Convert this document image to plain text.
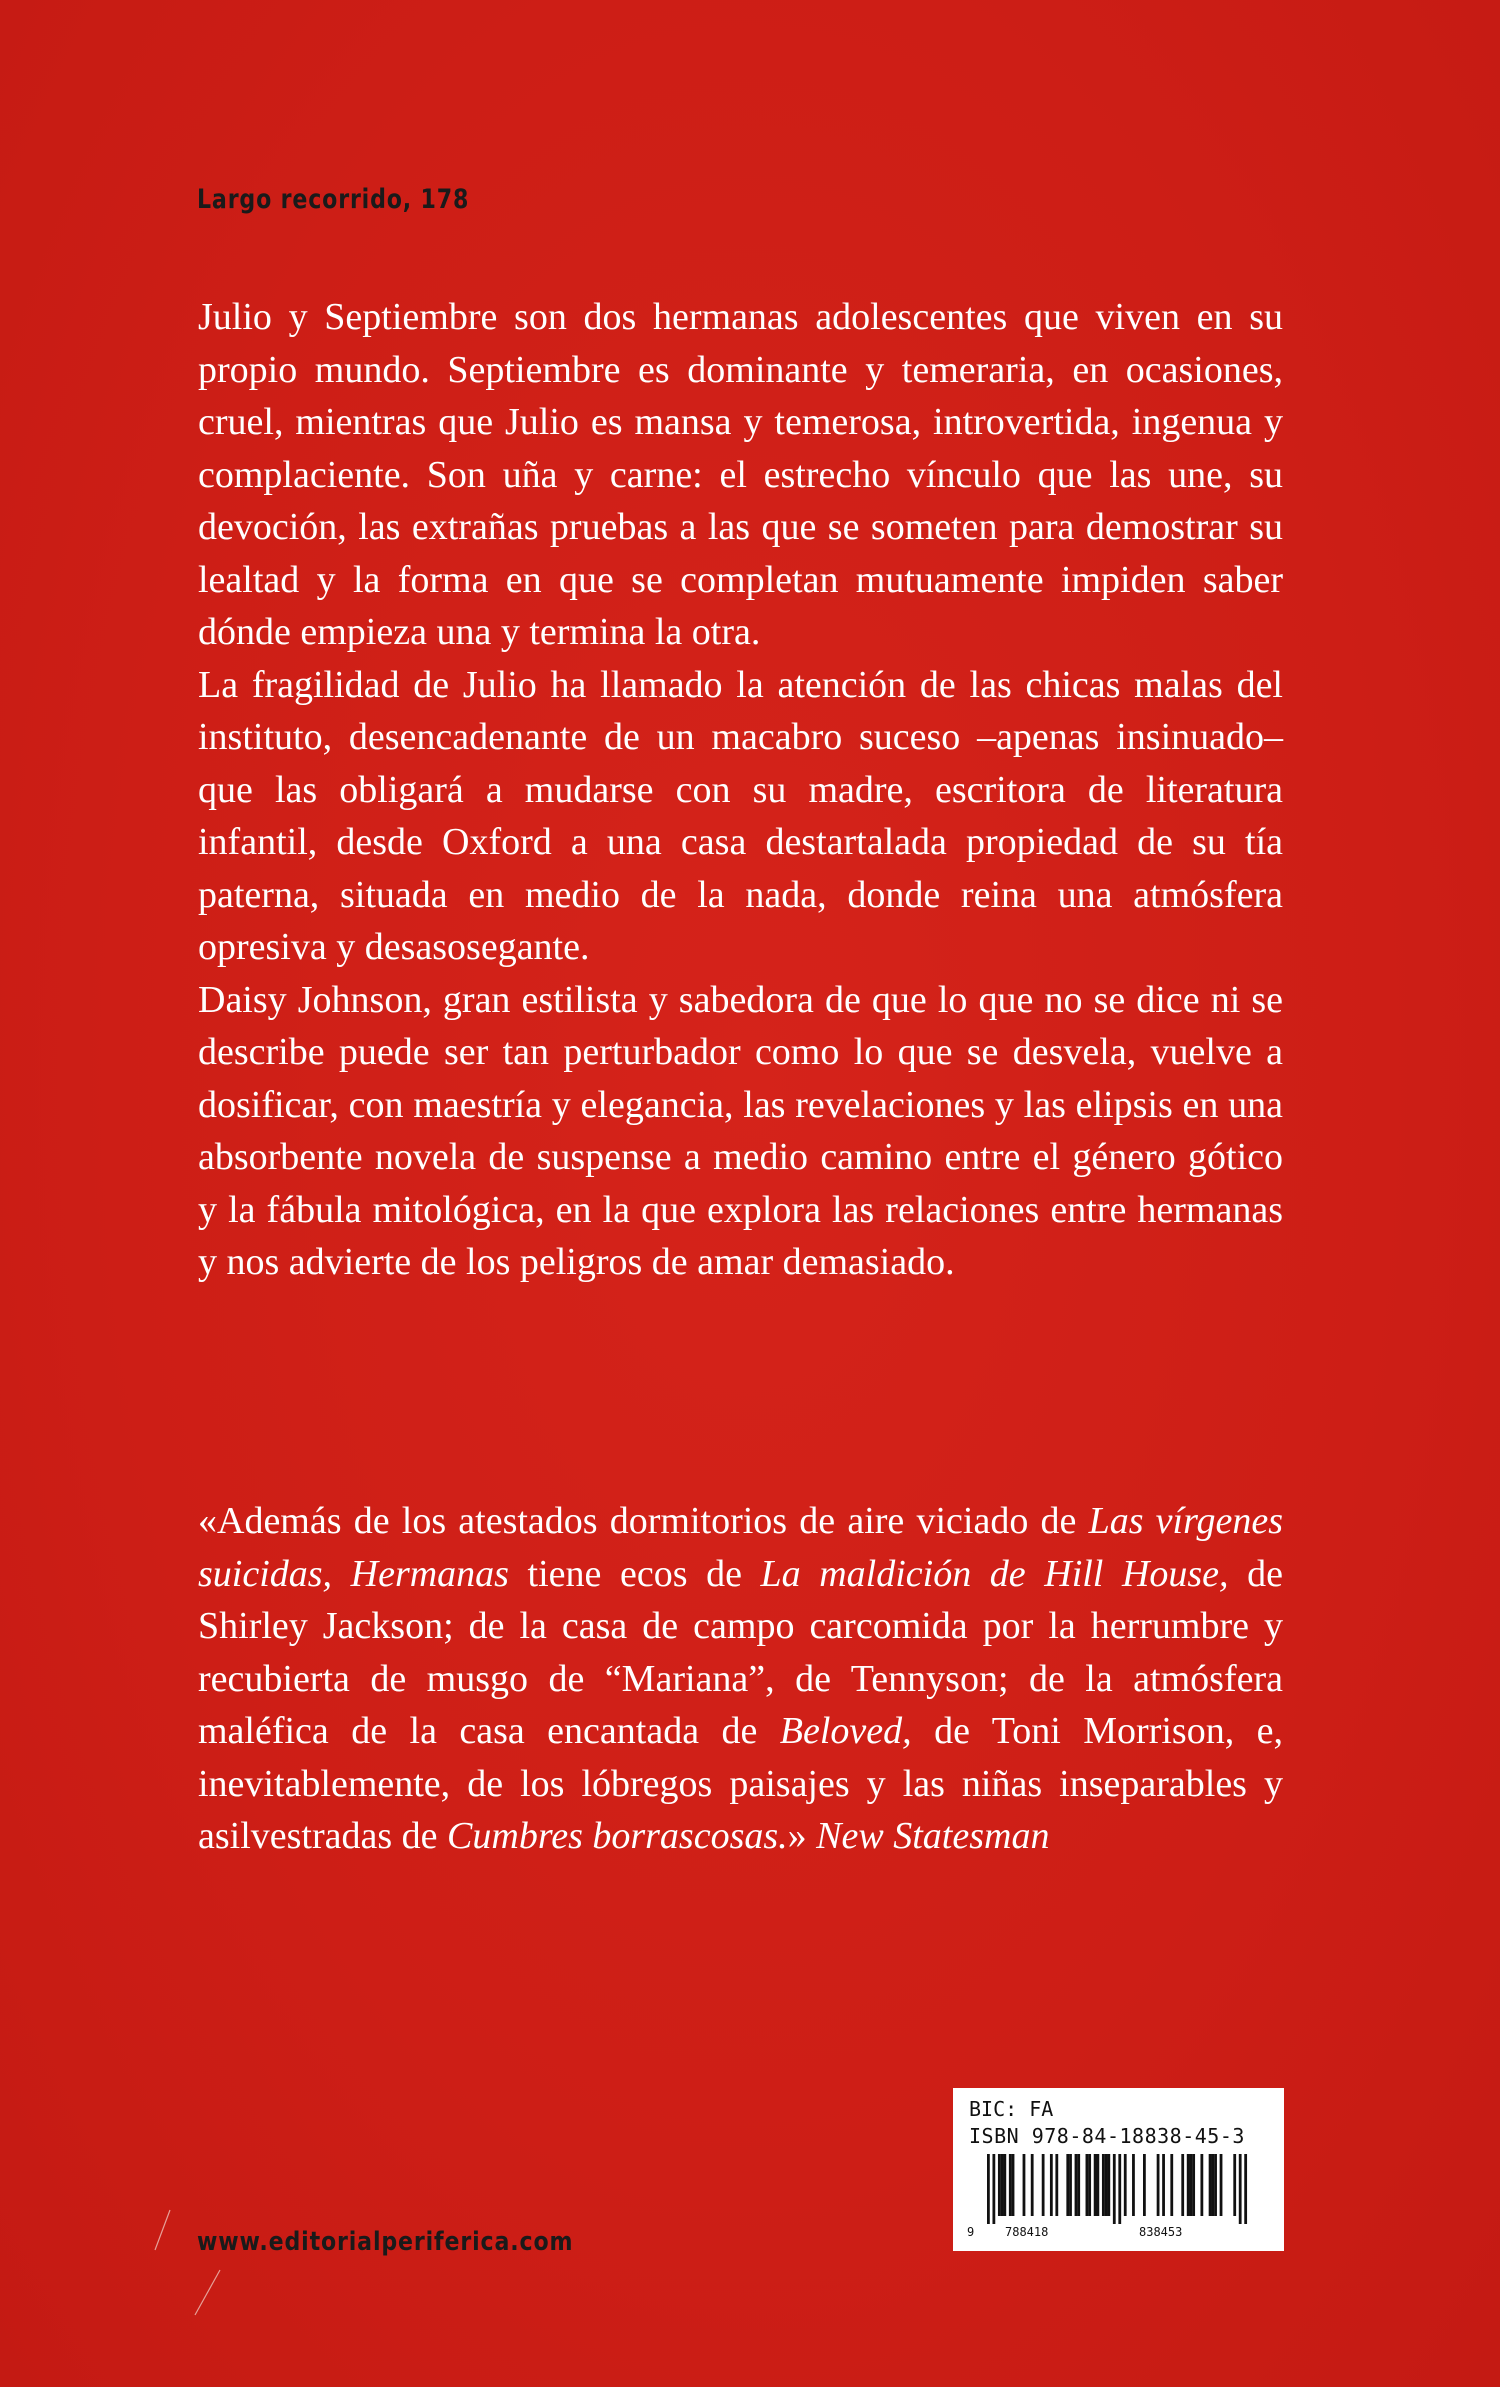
Largo recorrido, 178

Julio y Septiembre son dos hermanas adolescentes que viven en su propio mundo. Septiembre es dominante y temeraria, en ocasiones, cruel, mientras que Julio es mansa y temerosa, introvertida, ingenua y complaciente. Son uña y carne: el estrecho vínculo que las une, su devoción, las extrañas pruebas a las que se someten para demostrar su lealtad y la forma en que se completan mutuamente impiden saber dónde empieza una y termina la otra.

La fragilidad de Julio ha llamado la atención de las chicas malas del instituto, desencadenante de un macabro suceso –apenas insinuado– que las obligará a mudarse con su madre, escritora de literatura infantil, desde Oxford a una casa destartalada propiedad de su tía paterna, situada en medio de la nada, donde reina una atmósfera opresiva y desasosegante.

Daisy Johnson, gran estilista y sabedora de que lo que no se dice ni se describe puede ser tan perturbador como lo que se desvela, vuelve a dosificar, con maestría y elegancia, las revelaciones y las elipsis en una absorbente novela de suspense a medio camino entre el género gótico y la fábula mitológica, en la que explora las relaciones entre hermanas y nos advierte de los peligros de amar demasiado.

«Además de los atestados dormitorios de aire viciado de Las vírgenes suicidas, Hermanas tiene ecos de La maldición de Hill House, de Shirley Jackson; de la casa de campo carcomida por la herrumbre y recubierta de musgo de “Mariana”, de Tennyson; de la atmósfera maléfica de la casa encantada de Beloved, de Toni Morrison, e, inevitablemente, de los lóbregos paisajes y las niñas inseparables y asilvestradas de Cumbres borrascosas.» New Statesman
www.editorialperiferica.com
BIC: FA
ISBN 978-84-18838-45-3
9	788418	838453
